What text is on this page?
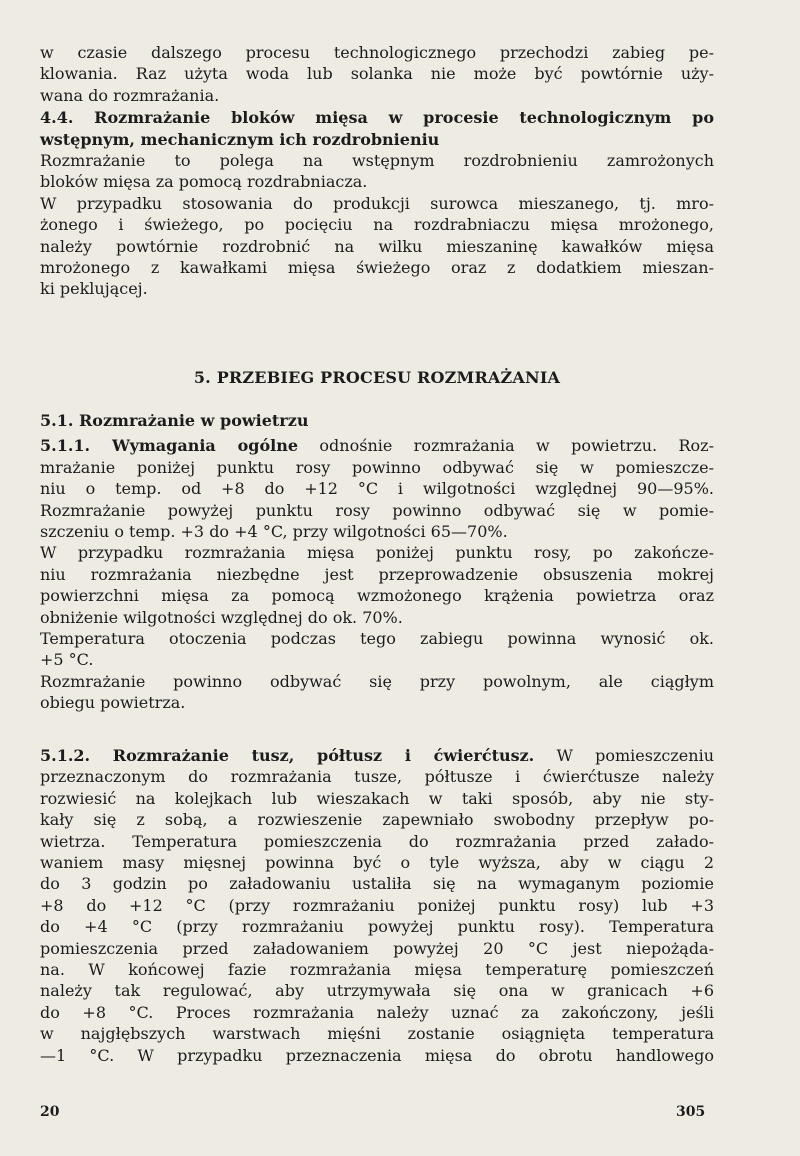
w czasie dalszego procesu technologicznego przechodzi zabieg pe-
klowania. Raz użyta woda lub solanka nie może być powtórnie uży-
wana do rozmrażania.
4.4. Rozmrażanie bloków mięsa w procesie technologicznym po
wstępnym, mechanicznym ich rozdrobnieniu
Rozmrażanie to polega na wstępnym rozdrobnieniu zamrożonych
bloków mięsa za pomocą rozdrabniacza.
W przypadku stosowania do produkcji surowca mieszanego, tj. mro-
żonego i świeżego, po pocięciu na rozdrabniaczu mięsa mrożonego,
należy powtórnie rozdrobnić na wilku mieszaninę kawałków mięsa
mrożonego z kawałkami mięsa świeżego oraz z dodatkiem mieszan-
ki peklującej.
5. PRZEBIEG PROCESU ROZMRAŻANIA
5.1. Rozmrażanie w powietrzu
5.1.1. Wymagania ogólne odnośnie rozmrażania w powietrzu. Roz-
mrażanie poniżej punktu rosy powinno odbywać się w pomieszcze-
niu o temp. od +8 do +12 °C i wilgotności względnej 90—95%.
Rozmrażanie powyżej punktu rosy powinno odbywać się w pomie-
szczeniu o temp. +3 do +4 °C, przy wilgotności 65—70%.
W przypadku rozmrażania mięsa poniżej punktu rosy, po zakończe-
niu rozmrażania niezbędne jest przeprowadzenie obsuszenia mokrej
powierzchni mięsa za pomocą wzmożonego krążenia powietrza oraz
obniżenie wilgotności względnej do ok. 70%.
Temperatura otoczenia podczas tego zabiegu powinna wynosić ok.
+5 °C.
Rozmrażanie powinno odbywać się przy powolnym, ale ciągłym
obiegu powietrza.
5.1.2. Rozmrażanie tusz, półtusz i ćwierćtusz. W pomieszczeniu
przeznaczonym do rozmrażania tusze, półtusze i ćwierćtusze należy
rozwiesić na kolejkach lub wieszakach w taki sposób, aby nie sty-
kały się z sobą, a rozwieszenie zapewniało swobodny przepływ po-
wietrza. Temperatura pomieszczenia do rozmrażania przed załado-
waniem masy mięsnej powinna być o tyle wyższa, aby w ciągu 2
do 3 godzin po załadowaniu ustaliła się na wymaganym poziomie
+8 do +12 °C (przy rozmrażaniu poniżej punktu rosy) lub +3
do +4 °C (przy rozmrażaniu powyżej punktu rosy). Temperatura
pomieszczenia przed załadowaniem powyżej 20 °C jest niepożąda-
na. W końcowej fazie rozmrażania mięsa temperaturę pomieszczeń
należy tak regulować, aby utrzymywała się ona w granicach +6
do +8 °C. Proces rozmrażania należy uznać za zakończony, jeśli
w najgłębszych warstwach mięśni zostanie osiągnięta temperatura
—1 °C. W przypadku przeznaczenia mięsa do obrotu handlowego
20	305
